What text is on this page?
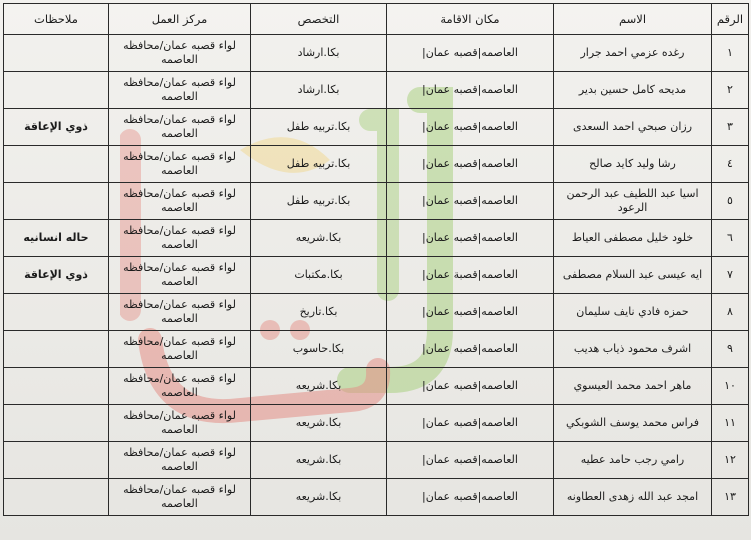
الرقم	الاسم	مكان الاقامة	التخصص	مركز العمل	ملاحظات
١	رغده عزمي احمد جرار	العاصمه|قصبه عمان|	بكا.ارشاد	لواء قصبه عمان/محافظه العاصمه	
٢	مديحه كامل حسين بدير	العاصمه|قصبه عمان|	بكا.ارشاد	لواء قصبه عمان/محافظه العاصمه	
٣	رزان صبحي احمد السعدى	العاصمه|قصبه عمان|	بكا.تربيه طفل	لواء قصبه عمان/محافظه العاصمه	ذوي الإعاقة
٤	رشا وليد كايد صالح	العاصمه|قصبه عمان|	بكا.تربيه طفل	لواء قصبه عمان/محافظه العاصمه	
٥	اسيا عبد اللطيف عبد الرحمن الرعود	العاصمه|قصبه عمان|	بكا.تربيه طفل	لواء قصبه عمان/محافظه العاصمه	
٦	خلود خليل مصطفى العياط	العاصمه|قصبه عمان|	بكا.شريعه	لواء قصبه عمان/محافظه العاصمه	حاله انسانيه
٧	ايه عيسى عبد السلام مصطفى	العاصمه|قصبة عمان|	بكا.مكتبات	لواء قصبه عمان/محافظه العاصمه	ذوي الإعاقة
٨	حمزه فادي نايف سليمان	العاصمه|قصبه عمان|	بكا.تاريخ	لواء قصبه عمان/محافظه العاصمه	
٩	اشرف محمود ذياب هديب	العاصمه|قصبه عمان|	بكا.حاسوب	لواء قصبه عمان/محافظه العاصمه	
١٠	ماهر احمد محمد العيسوي	العاصمه|قصبه عمان|	بكا.شريعه	لواء قصبه عمان/محافظه العاصمه	
١١	فراس محمد يوسف الشوبكي	العاصمه|قصبه عمان|	بكا.شريعه	لواء قصبه عمان/محافظه العاصمه	
١٢	رامي رجب حامد عطيه	العاصمه|قصبه عمان|	بكا.شريعه	لواء قصبه عمان/محافظه العاصمه	
١٣	امجد عبد الله زهدى العطاونه	العاصمه|قصبه عمان|	بكا.شريعه	لواء قصبه عمان/محافظه العاصمه	
